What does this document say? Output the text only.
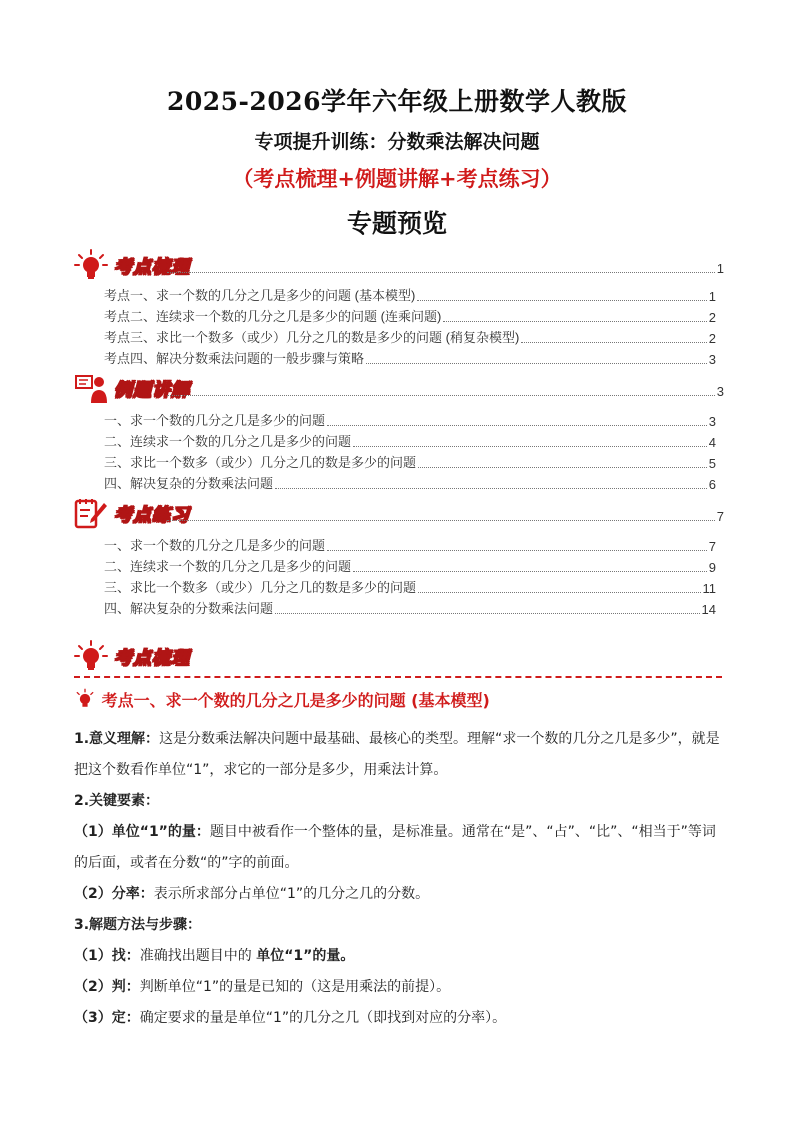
2025-2026学年六年级上册数学人教版
专项提升训练：分数乘法解决问题
（考点梳理+例题讲解+考点练习）
专题预览
考点梳理	1
考点一、求一个数的几分之几是多少的问题 (基本模型)	1
考点二、连续求一个数的几分之几是多少的问题 (连乘问题)	2
考点三、求比一个数多（或少）几分之几的数是多少的问题 (稍复杂模型)	2
考点四、解决分数乘法问题的一般步骤与策略	3
例题讲解	3
一、求一个数的几分之几是多少的问题	3
二、连续求一个数的几分之几是多少的问题	4
三、求比一个数多（或少）几分之几的数是多少的问题	5
四、解决复杂的分数乘法问题	6
考点练习	7
一、求一个数的几分之几是多少的问题	7
二、连续求一个数的几分之几是多少的问题	9
三、求比一个数多（或少）几分之几的数是多少的问题	11
四、解决复杂的分数乘法问题	14
考点梳理
考点一、求一个数的几分之几是多少的问题 (基本模型)
1.意义理解：这是分数乘法解决问题中最基础、最核心的类型。理解“求一个数的几分之几是多少”，就是把这个数看作单位“1”，求它的一部分是多少，用乘法计算。
2.关键要素：
（1）单位“1”的量：题目中被看作一个整体的量，是标准量。通常在“是”、“占”、“比”、“相当于”等词的后面，或者在分数“的”字的前面。
（2）分率：表示所求部分占单位“1”的几分之几的分数。
3.解题方法与步骤：
（1）找：准确找出题目中的 单位“1”的量。
（2）判：判断单位“1”的量是已知的（这是用乘法的前提）。
（3）定：确定要求的量是单位“1”的几分之几（即找到对应的分率）。
